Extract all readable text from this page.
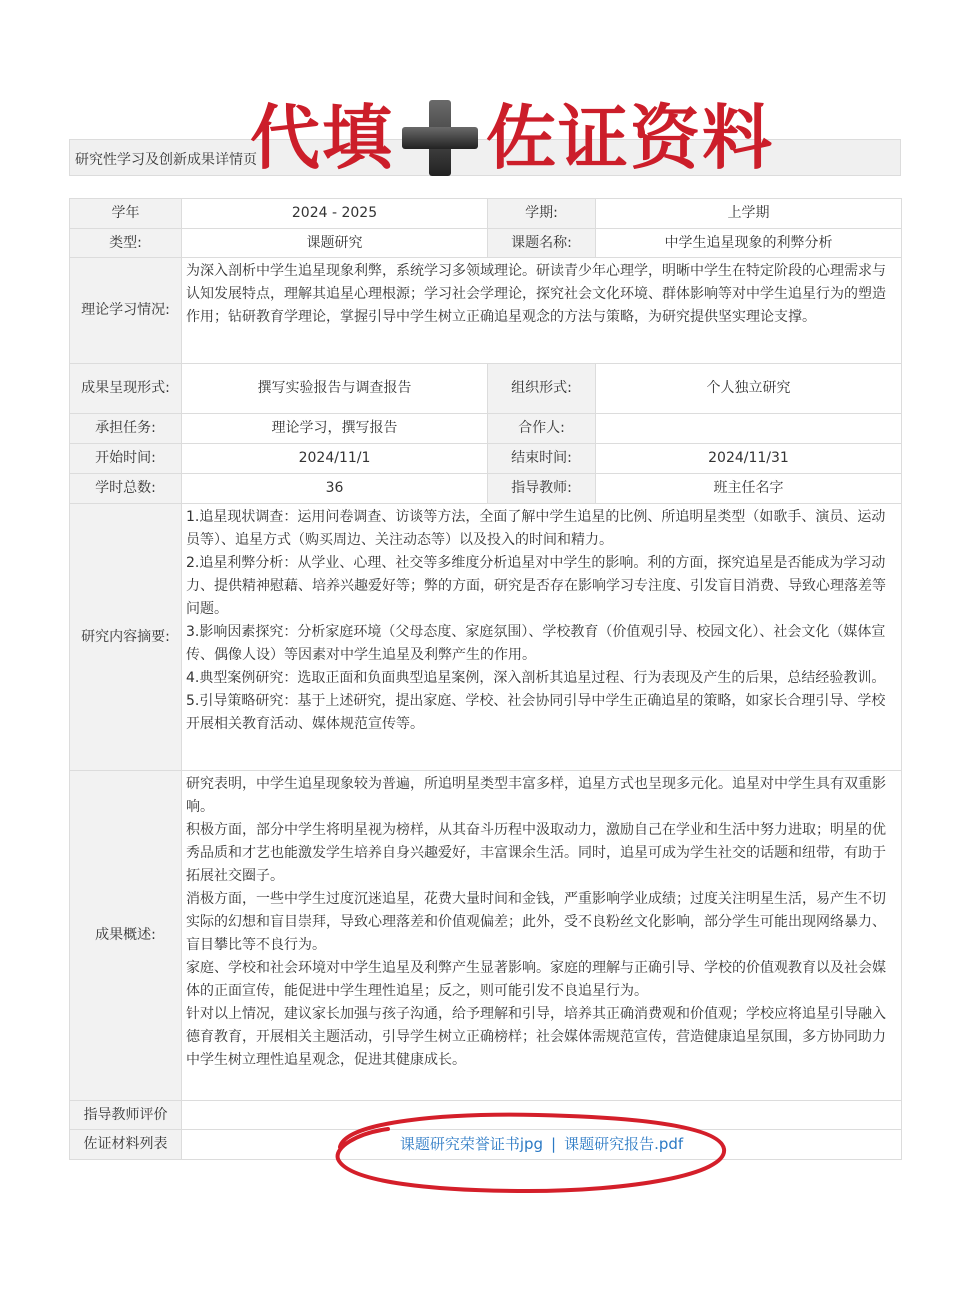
研究性学习及创新成果详情页
代填 佐证资料
学年	2024 - 2025	学期:	上学期
类型:	课题研究	课题名称:	中学生追星现象的利弊分析
理论学习情况:	为深入剖析中学生追星现象利弊，系统学习多领域理论。研读青少年心理学，明晰中学生在特定阶段的心理需求与认知发展特点，理解其追星心理根源；学习社会学理论，探究社会文化环境、群体影响等对中学生追星行为的塑造作用；钻研教育学理论，掌握引导中学生树立正确追星观念的方法与策略，为研究提供坚实理论支撑。		
成果呈现形式:	撰写实验报告与调查报告	组织形式:	个人独立研究
承担任务:	理论学习，撰写报告	合作人:	
开始时间:	2024/11/1	结束时间:	2024/11/31
学时总数:	36	指导教师:	班主任名字
研究内容摘要:	1.追星现状调查：运用问卷调查、访谈等方法，全面了解中学生追星的比例、所追明星类型（如歌手、演员、运动员等）、追星方式（购买周边、关注动态等）以及投入的时间和精力。

2.追星利弊分析：从学业、心理、社交等多维度分析追星对中学生的影响。利的方面，探究追星是否能成为学习动力、提供精神慰藉、培养兴趣爱好等；弊的方面，研究是否存在影响学习专注度、引发盲目消费、导致心理落差等问题。

3.影响因素探究：分析家庭环境（父母态度、家庭氛围）、学校教育（价值观引导、校园文化）、社会文化（媒体宣传、偶像人设）等因素对中学生追星及利弊产生的作用。

4.典型案例研究：选取正面和负面典型追星案例，深入剖析其追星过程、行为表现及产生的后果，总结经验教训。

5.引导策略研究：基于上述研究，提出家庭、学校、社会协同引导中学生正确追星的策略，如家长合理引导、学校开展相关教育活动、媒体规范宣传等。		

成果概述:	研究表明，中学生追星现象较为普遍，所追明星类型丰富多样，追星方式也呈现多元化。追星对中学生具有双重影响。

积极方面，部分中学生将明星视为榜样，从其奋斗历程中汲取动力，激励自己在学业和生活中努力进取；明星的优秀品质和才艺也能激发学生培养自身兴趣爱好，丰富课余生活。同时，追星可成为学生社交的话题和纽带，有助于拓展社交圈子。

消极方面，一些中学生过度沉迷追星，花费大量时间和金钱，严重影响学业成绩；过度关注明星生活，易产生不切实际的幻想和盲目崇拜，导致心理落差和价值观偏差；此外，受不良粉丝文化影响，部分学生可能出现网络暴力、盲目攀比等不良行为。

家庭、学校和社会环境对中学生追星及利弊产生显著影响。家庭的理解与正确引导、学校的价值观教育以及社会媒体的正面宣传，能促进中学生理性追星；反之，则可能引发不良追星行为。

针对以上情况，建议家长加强与孩子沟通，给予理解和引导，培养其正确消费观和价值观；学校应将追星引导融入德育教育，开展相关主题活动，引导学生树立正确榜样；社会媒体需规范宣传，营造健康追星氛围，多方协同助力中学生树立理性追星观念，促进其健康成长。		

指导教师评价			
佐证材料列表	课题研究荣誉证书jpg | 课题研究报告.pdf		
